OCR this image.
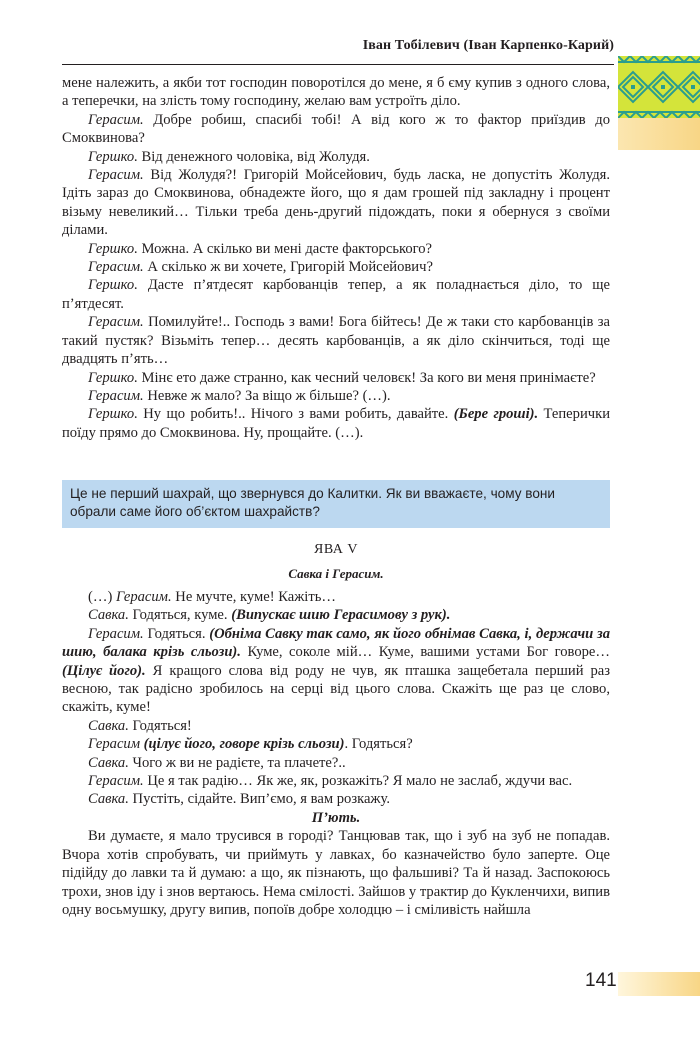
Іван Тобілевич (Іван Карпенко-Карий)

мене належить, а якби тот господин поворотілся до мене, я б єму купив з одного слова, а теперечки, на злість тому господину, желаю вам устроїть діло.

Герасим. Добре робиш, спасибі тобі! А від кого ж то фактор приїздив до Смоквинова?

Гершко. Від денежного чоловіка, від Жолудя.

Герасим. Від Жолудя?! Григорій Мойсейович, будь ласка, не допустіть Жолудя. Ідіть зараз до Смоквинова, обнадежте його, що я дам грошей під закладну і процент візьму невеликий… Тільки треба день-другий підождать, поки я обернуся з своїми ділами.

Гершко. Можна. А скілько ви мені дасте факторського?

Герасим. А скілько ж ви хочете, Григорій Мойсейович?

Гершко. Дасте п’ятдесят карбованців тепер, а як поладнається діло, то ще п’ятдесят.

Герасим. Помилуйте!.. Господь з вами! Бога бійтесь! Де ж таки сто карбованців за такий пустяк? Візьміть тепер… десять карбованців, а як діло скінчиться, тоді ще двадцять п’ять…

Гершко. Мінє ето даже странно, как чесний человєк! За кого ви меня принімаєте?

Герасим. Невже ж мало? За віщо ж більше? (…).

Гершко. Ну що робить!.. Нічого з вами робить, давайте. (Бере гроші). Теперички поїду прямо до Смоквинова. Ну, прощайте. (…).

Це не перший шахрай, що звернувся до Калитки. Як ви вважаєте, чому вони обрали саме його об’єктом шахрайств?
ЯВА V
Савка і Герасим.

(…) Герасим. Не мучте, куме! Кажіть…

Савка. Годяться, куме. (Випускає шию Герасимову з рук).

Герасим. Годяться. (Обніма Савку так само, як його обнімав Савка, і, держачи за шию, балака крізь сльози). Куме, соколе мій… Куме, вашими устами Бог говоре… (Цілує його). Я кращого слова від роду не чув, як пташка защебетала перший раз весною, так радісно зробилось на серці від цього слова. Скажіть ще раз це слово, скажіть, куме!

Савка. Годяться!

Герасим (цілує його, говоре крізь сльози). Годяться?

Савка. Чого ж ви не радієте, та плачете?..

Герасим. Це я так радію… Як же, як, розкажіть? Я мало не заслаб, ждучи вас.

Савка. Пустіть, сідайте. Вип’ємо, я вам розкажу.

П’ють.

Ви думаєте, я мало трусився в городі? Танцював так, що і зуб на зуб не попадав. Вчора хотів спробувать, чи приймуть у лавках, бо казначейство було заперте. Оце підійду до лавки та й думаю: а що, як пізнають, що фальшиві? Та й назад. Заспокоюсь трохи, знов іду і знов вертаюсь. Нема смілості. Зайшов у трактир до Кукленчихи, випив одну восьмушку, другу випив, попоїв добре холодцю – і сміливість найшла

141
